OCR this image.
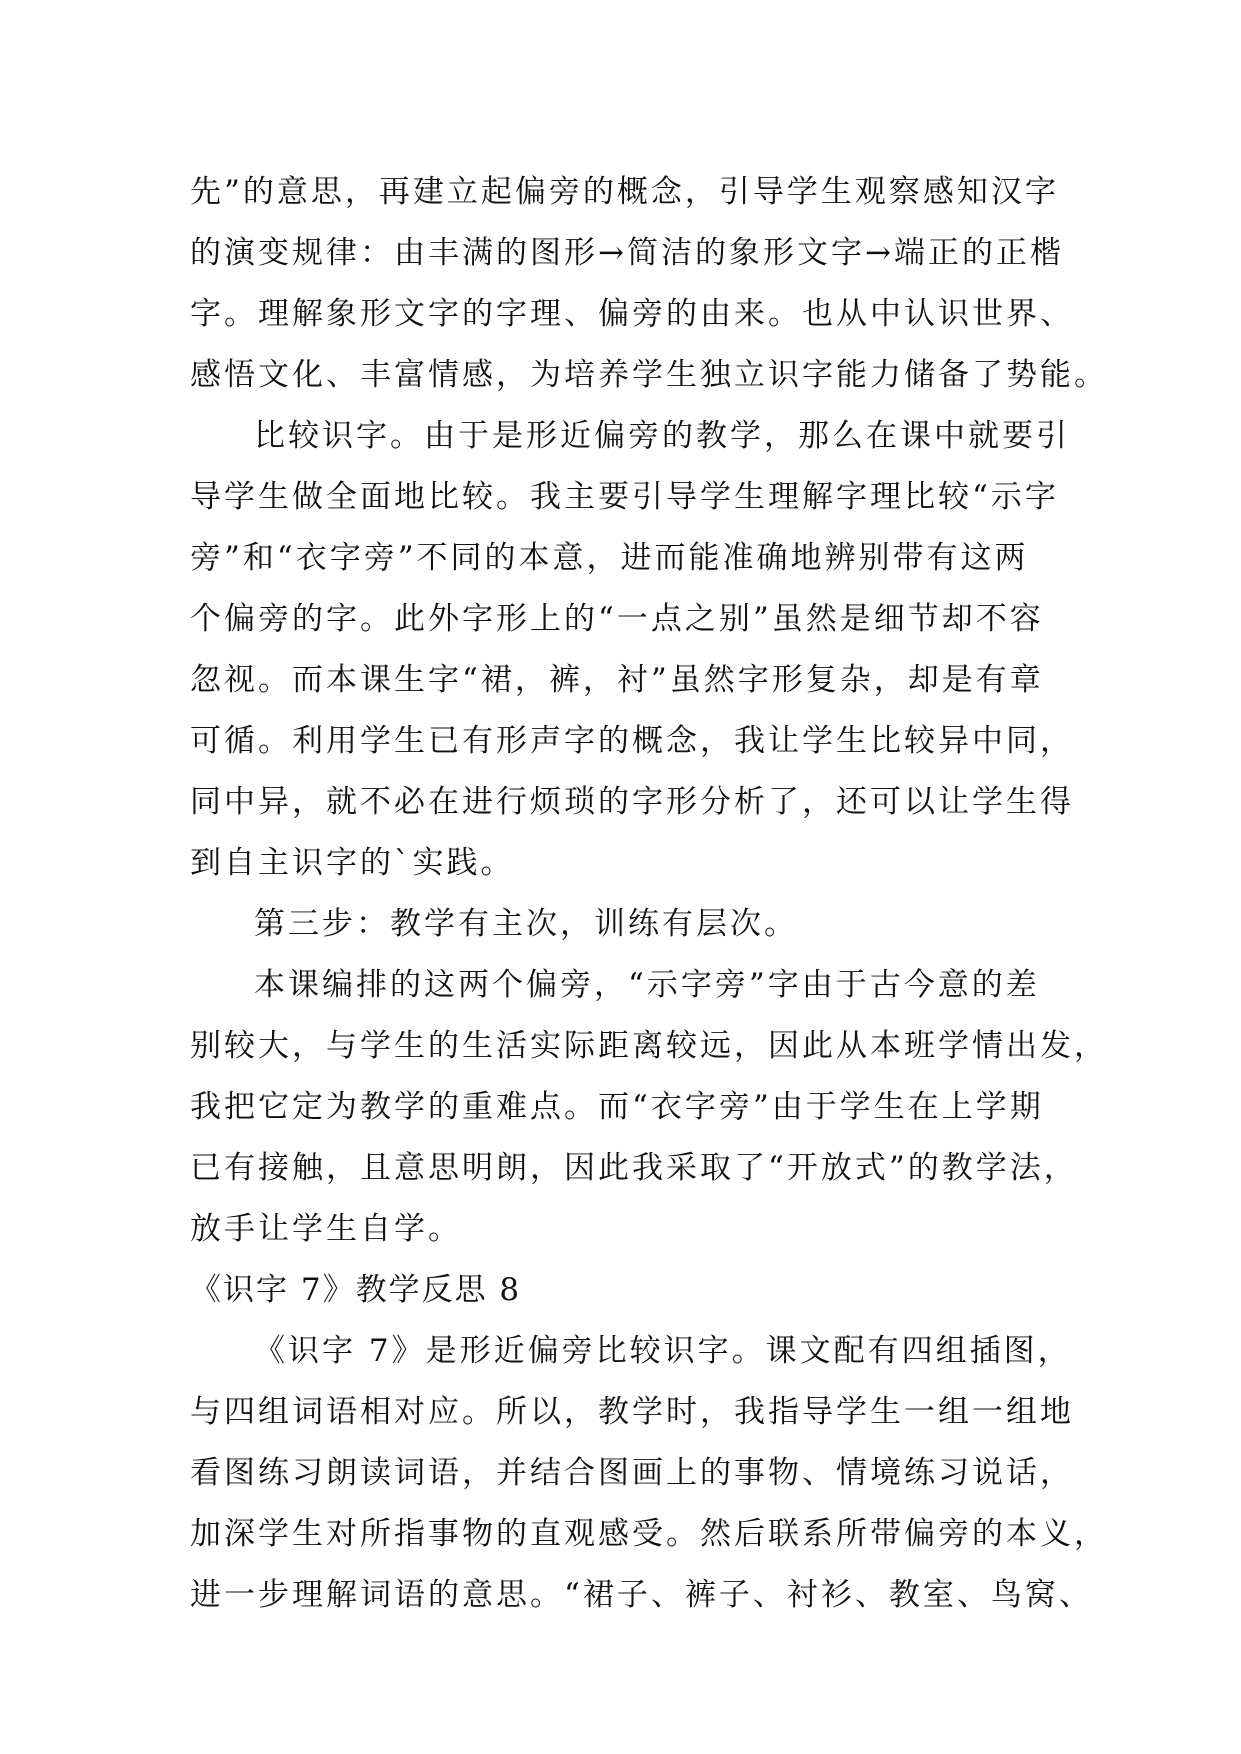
先”的意思，再建立起偏旁的概念，引导学生观察感知汉字
的演变规律：由丰满的图形→简洁的象形文字→端正的正楷
字。理解象形文字的字理、偏旁的由来。也从中认识世界、
感悟文化、丰富情感，为培养学生独立识字能力储备了势能。
比较识字。由于是形近偏旁的教学，那么在课中就要引
导学生做全面地比较。我主要引导学生理解字理比较“示字
旁”和“衣字旁”不同的本意，进而能准确地辨别带有这两
个偏旁的字。此外字形上的“一点之别”虽然是细节却不容
忽视。而本课生字“裙，裤，衬”虽然字形复杂，却是有章
可循。利用学生已有形声字的概念，我让学生比较异中同，
同中异，就不必在进行烦琐的字形分析了，还可以让学生得
到自主识字的`实践。
第三步：教学有主次，训练有层次。
本课编排的这两个偏旁，“示字旁”字由于古今意的差
别较大，与学生的生活实际距离较远，因此从本班学情出发，
我把它定为教学的重难点。而“衣字旁”由于学生在上学期
已有接触，且意思明朗，因此我采取了“开放式”的教学法，
放手让学生自学。
《识字 7》教学反思 8
《识字 7》是形近偏旁比较识字。课文配有四组插图，
与四组词语相对应。所以，教学时，我指导学生一组一组地
看图练习朗读词语，并结合图画上的事物、情境练习说话，
加深学生对所指事物的直观感受。然后联系所带偏旁的本义，
进一步理解词语的意思。“裙子、裤子、衬衫、教室、鸟窝、
